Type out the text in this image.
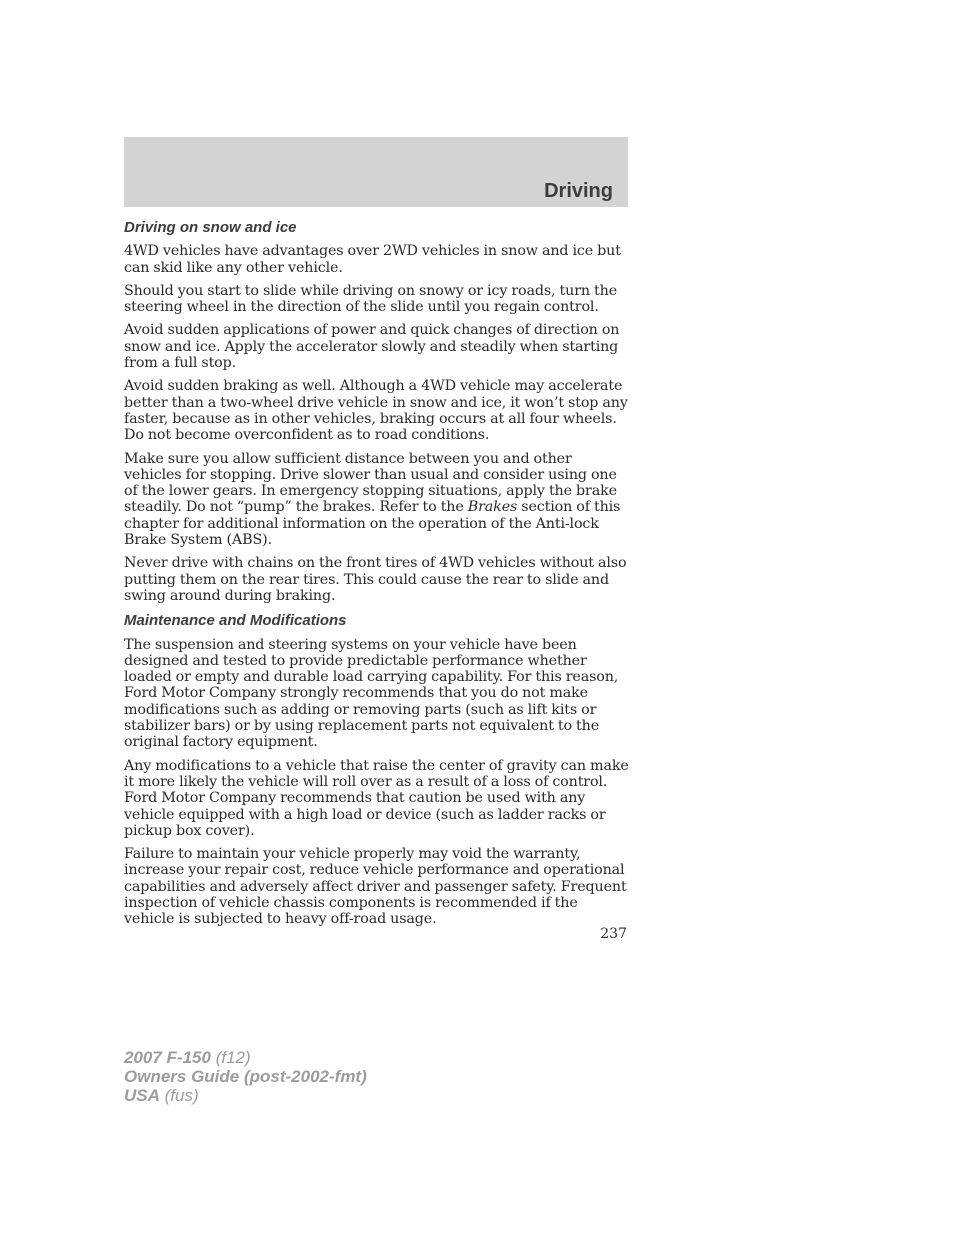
Driving
Driving on snow and ice

4WD vehicles have advantages over 2WD vehicles in snow and ice but can skid like any other vehicle.

Should you start to slide while driving on snowy or icy roads, turn the steering wheel in the direction of the slide until you regain control.

Avoid sudden applications of power and quick changes of direction on snow and ice. Apply the accelerator slowly and steadily when starting from a full stop.

Avoid sudden braking as well. Although a 4WD vehicle may accelerate better than a two-wheel drive vehicle in snow and ice, it won’t stop any faster, because as in other vehicles, braking occurs at all four wheels. Do not become overconfident as to road conditions.

Make sure you allow sufficient distance between you and other vehicles for stopping. Drive slower than usual and consider using one of the lower gears. In emergency stopping situations, apply the brake steadily. Do not “pump” the brakes. Refer to the Brakes section of this chapter for additional information on the operation of the Anti-lock Brake System (ABS).

Never drive with chains on the front tires of 4WD vehicles without also putting them on the rear tires. This could cause the rear to slide and swing around during braking.

Maintenance and Modifications

The suspension and steering systems on your vehicle have been designed and tested to provide predictable performance whether loaded or empty and durable load carrying capability. For this reason, Ford Motor Company strongly recommends that you do not make modifications such as adding or removing parts (such as lift kits or stabilizer bars) or by using replacement parts not equivalent to the original factory equipment.

Any modifications to a vehicle that raise the center of gravity can make it more likely the vehicle will roll over as a result of a loss of control. Ford Motor Company recommends that caution be used with any vehicle equipped with a high load or device (such as ladder racks or pickup box cover).

Failure to maintain your vehicle properly may void the warranty, increase your repair cost, reduce vehicle performance and operational capabilities and adversely affect driver and passenger safety. Frequent inspection of vehicle chassis components is recommended if the vehicle is subjected to heavy off-road usage.

237
2007 F-150 (f12)
Owners Guide (post-2002-fmt)
USA (fus)
